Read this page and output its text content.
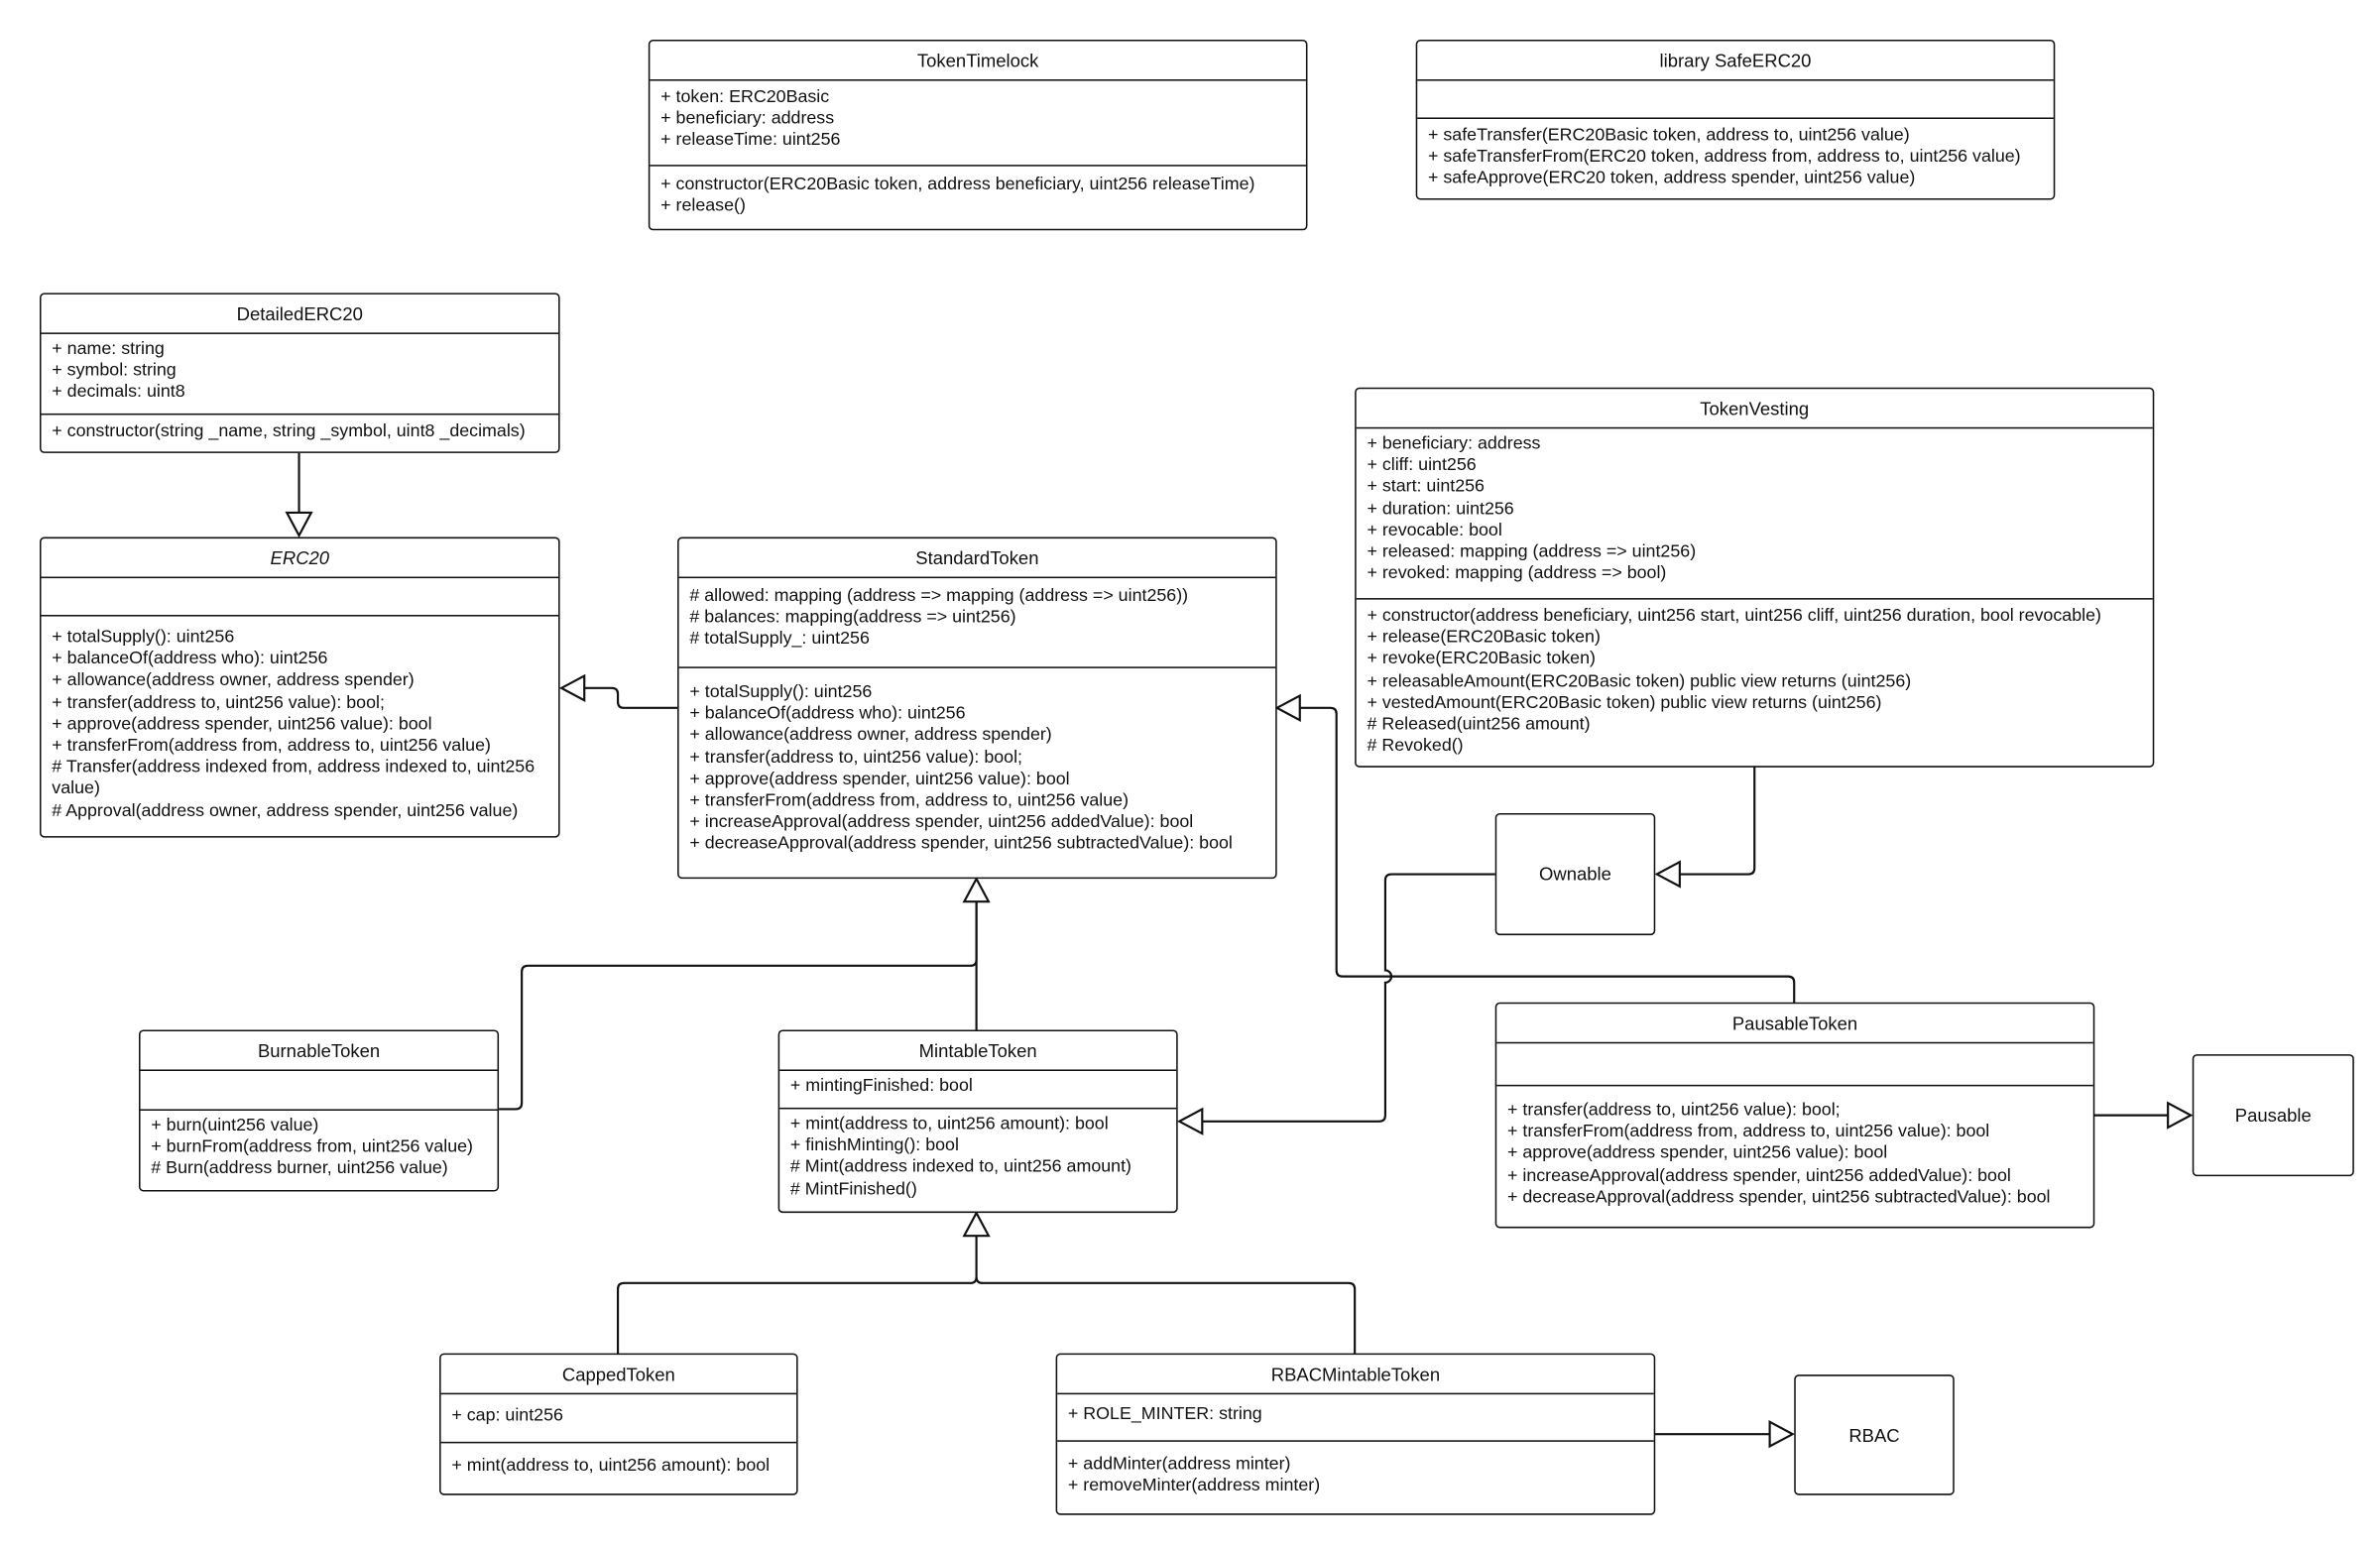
TokenTimelock
+ token: ERC20Basic
+ beneficiary: address
+ releaseTime: uint256
+ constructor(ERC20Basic token, address beneficiary, uint256 releaseTime)
+ release()
library SafeERC20
+ safeTransfer(ERC20Basic token, address to, uint256 value)
+ safeTransferFrom(ERC20 token, address from, address to, uint256 value)
+ safeApprove(ERC20 token, address spender, uint256 value)
DetailedERC20
+ name: string
+ symbol: string
+ decimals: uint8
+ constructor(string _name, string _symbol, uint8 _decimals)
ERC20
+ totalSupply(): uint256
+ balanceOf(address who): uint256
+ allowance(address owner, address spender)
+ transfer(address to, uint256 value): bool;
+ approve(address spender, uint256 value): bool
+ transferFrom(address from, address to, uint256 value)
# Transfer(address indexed from, address indexed to, uint256 value)
# Approval(address owner, address spender, uint256 value)
StandardToken
# allowed: mapping (address => mapping (address => uint256))
# balances: mapping(address => uint256)
# totalSupply_: uint256
+ totalSupply(): uint256
+ balanceOf(address who): uint256
+ allowance(address owner, address spender)
+ transfer(address to, uint256 value): bool;
+ approve(address spender, uint256 value): bool
+ transferFrom(address from, address to, uint256 value)
+ increaseApproval(address spender, uint256 addedValue): bool
+ decreaseApproval(address spender, uint256 subtractedValue): bool
TokenVesting
+ beneficiary: address
+ cliff: uint256
+ start: uint256
+ duration: uint256
+ revocable: bool
+ released: mapping (address => uint256)
+ revoked: mapping (address => bool)
+ constructor(address beneficiary, uint256 start, uint256 cliff, uint256 duration, bool revocable)
+ release(ERC20Basic token)
+ revoke(ERC20Basic token)
+ releasableAmount(ERC20Basic token) public view returns (uint256)
+ vestedAmount(ERC20Basic token) public view returns (uint256)
# Released(uint256 amount)
# Revoked()
Ownable
BurnableToken
+ burn(uint256 value)
+ burnFrom(address from, uint256 value)
# Burn(address burner, uint256 value)
MintableToken
+ mintingFinished: bool
+ mint(address to, uint256 amount): bool
+ finishMinting(): bool
# Mint(address indexed to, uint256 amount)
# MintFinished()
PausableToken
+ transfer(address to, uint256 value): bool;
+ transferFrom(address from, address to, uint256 value): bool
+ approve(address spender, uint256 value): bool
+ increaseApproval(address spender, uint256 addedValue): bool
+ decreaseApproval(address spender, uint256 subtractedValue): bool
Pausable
CappedToken
+ cap: uint256
+ mint(address to, uint256 amount): bool
RBACMintableToken
+ ROLE_MINTER: string
+ addMinter(address minter)
+ removeMinter(address minter)
RBAC
